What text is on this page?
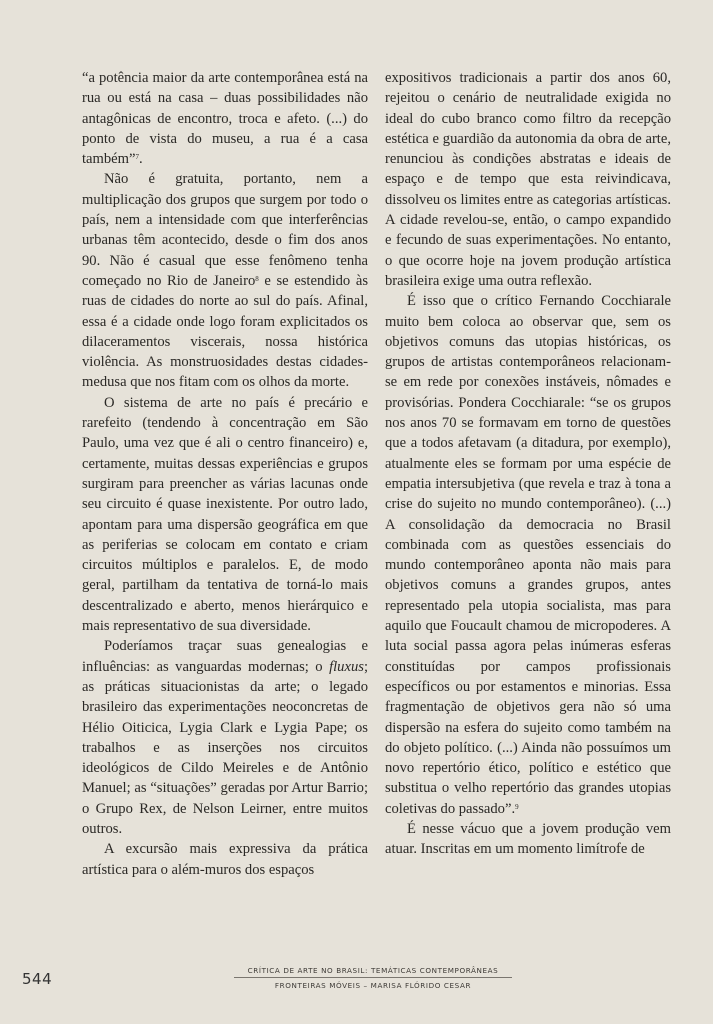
“a potência maior da arte contemporânea está na rua ou está na casa – duas possibilidades não antagônicas de encontro, troca e afeto. (...) do ponto de vista do museu, a rua é a casa também”$^7$.

Não é gratuita, portanto, nem a multiplicação dos grupos que surgem por todo o país, nem a intensidade com que interferências urbanas têm acontecido, desde o fim dos anos 90. Não é casual que esse fenômeno tenha começado no Rio de Janeiro$^8$ e se estendido às ruas de cidades do norte ao sul do país. Afinal, essa é a cidade onde logo foram explicitados os dilaceramentos viscerais, nossa histórica violência. As monstruosidades destas cidades-medusa que nos fitam com os olhos da morte.

O sistema de arte no país é precário e rarefeito (tendendo à concentração em São Paulo, uma vez que é ali o centro financeiro) e, certamente, muitas dessas experiências e grupos surgiram para preencher as várias lacunas onde seu circuito é quase inexistente. Por outro lado, apontam para uma dispersão geográfica em que as periferias se colocam em contato e criam circuitos múltiplos e paralelos. E, de modo geral, partilham da tentativa de torná-lo mais descentralizado e aberto, menos hierárquico e mais representativo de sua diversidade.

Poderíamos traçar suas genealogias e influências: as vanguardas modernas; o fluxus; as práticas situacionistas da arte; o legado brasileiro das experimentações neoconcretas de Hélio Oiticica, Lygia Clark e Lygia Pape; os trabalhos e as inserções nos circuitos ideológicos de Cildo Meireles e de Antônio Manuel; as “situações” geradas por Artur Barrio; o Grupo Rex, de Nelson Leirner, entre muitos outros.

A excursão mais expressiva da prática artística para o além-muros dos espaços

expositivos tradicionais a partir dos anos 60, rejeitou o cenário de neutralidade exigida no ideal do cubo branco como filtro da recepção estética e guardião da autonomia da obra de arte, renunciou às condições abstratas e ideais de espaço e de tempo que esta reivindicava, dissolveu os limites entre as categorias artísticas. A cidade revelou-se, então, o campo expandido e fecundo de suas experimentações. No entanto, o que ocorre hoje na jovem produção artística brasileira exige uma outra reflexão.

É isso que o crítico Fernando Cocchiarale muito bem coloca ao observar que, sem os objetivos comuns das utopias históricas, os grupos de artistas contemporâneos relacionam-se em rede por conexões instáveis, nômades e provisórias. Pondera Cocchiarale: “se os grupos nos anos 70 se formavam em torno de questões que a todos afetavam (a ditadura, por exemplo), atualmente eles se formam por uma espécie de empatia intersubjetiva (que revela e traz à tona a crise do sujeito no mundo contemporâneo). (...) A consolidação da democracia no Brasil combinada com as questões essenciais do mundo contemporâneo aponta não mais para objetivos comuns a grandes grupos, antes representado pela utopia socialista, mas para aquilo que Foucault chamou de micropoderes. A luta social passa agora pelas inúmeras esferas constituídas por campos profissionais específicos ou por estamentos e minorias. Essa fragmentação de objetivos gera não só uma dispersão na esfera do sujeito como também na do objeto político. (...) Ainda não possuímos um novo repertório ético, político e estético que substitua o velho repertório das grandes utopias coletivas do passado”.$^9$

É nesse vácuo que a jovem produção vem atuar. Inscritas em um momento limítrofe de

544	CRÍTICA DE ARTE NO BRASIL: TEMÁTICAS CONTEMPORÂNEAS
FRONTEIRAS MÓVEIS – MARISA FLÓRIDO CESAR
